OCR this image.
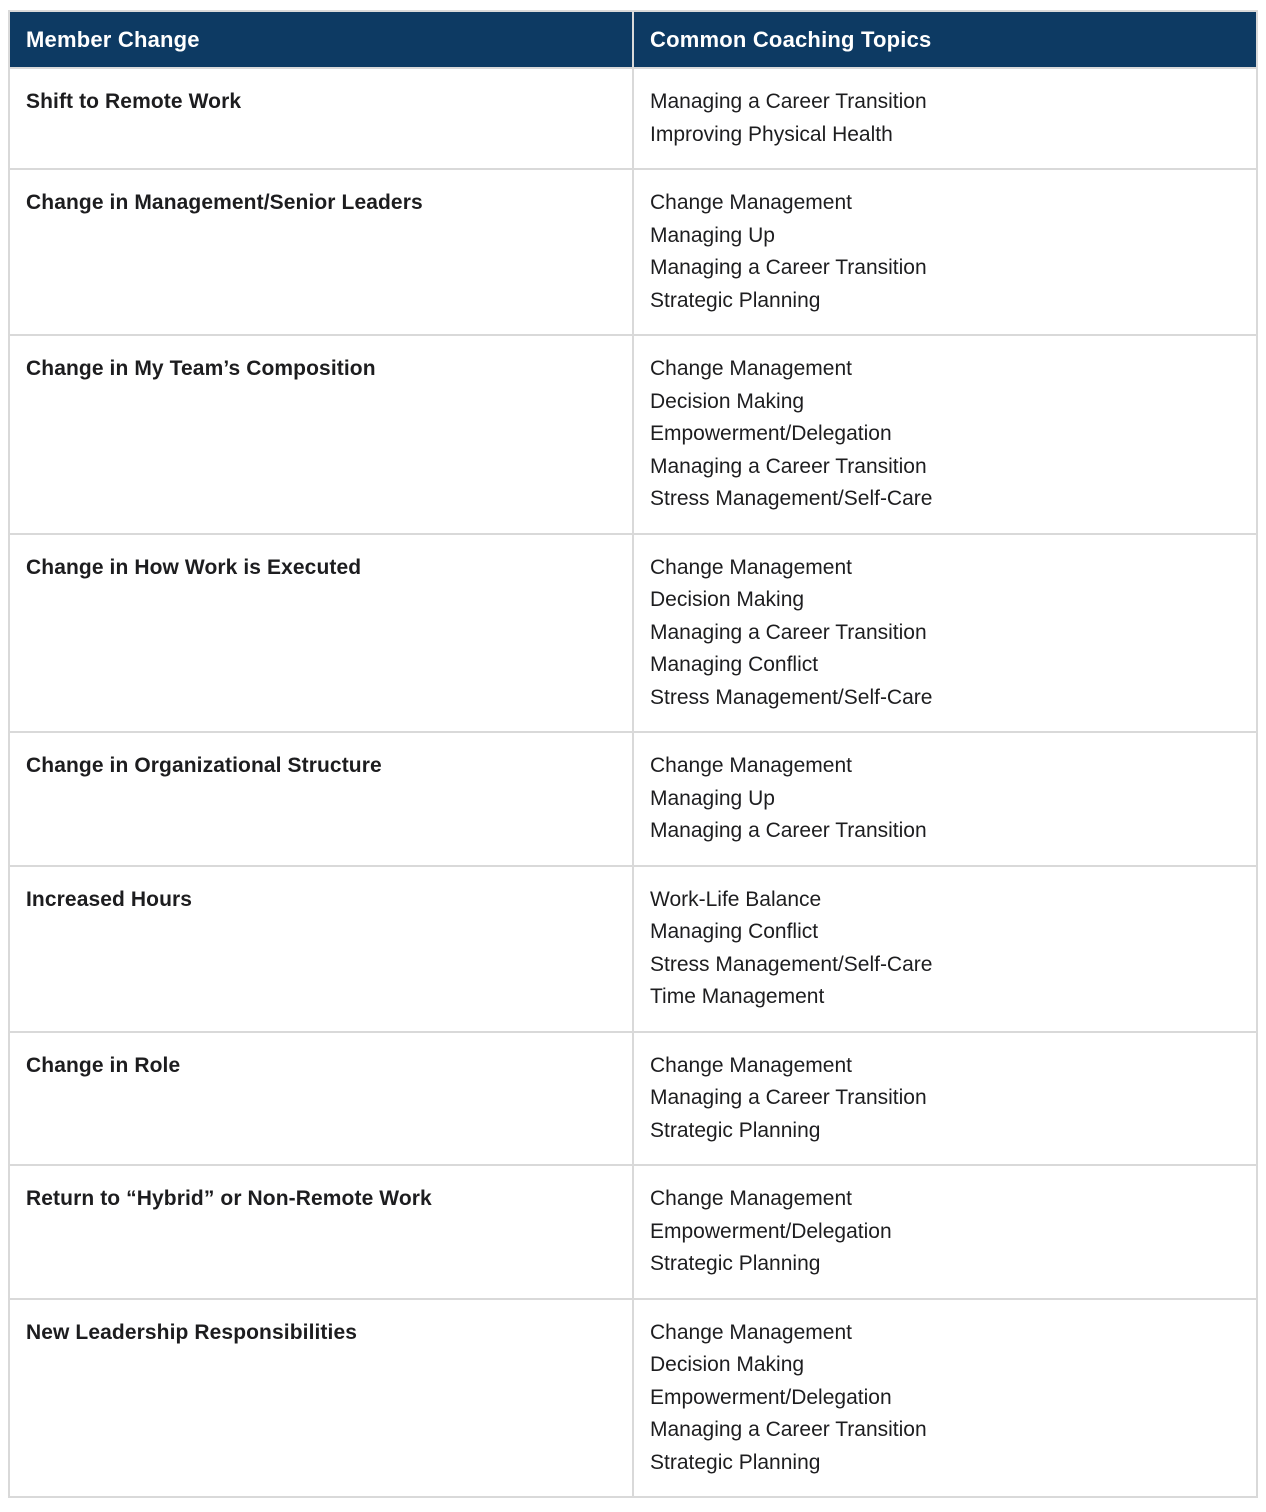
Member Change	Common Coaching Topics
Shift to Remote Work	Managing a Career Transition
Improving Physical Health

Change in Management/Senior Leaders	Change Management
Managing Up
Managing a Career Transition
Strategic Planning

Change in My Team’s Composition	Change Management
Decision Making
Empowerment/Delegation
Managing a Career Transition
Stress Management/Self-Care

Change in How Work is Executed	Change Management
Decision Making
Managing a Career Transition
Managing Conflict
Stress Management/Self-Care

Change in Organizational Structure	Change Management
Managing Up
Managing a Career Transition

Increased Hours	Work-Life Balance
Managing Conflict
Stress Management/Self-Care
Time Management

Change in Role	Change Management
Managing a Career Transition
Strategic Planning

Return to “Hybrid” or Non-Remote Work	Change Management
Empowerment/Delegation
Strategic Planning

New Leadership Responsibilities	Change Management
Decision Making
Empowerment/Delegation
Managing a Career Transition
Strategic Planning
